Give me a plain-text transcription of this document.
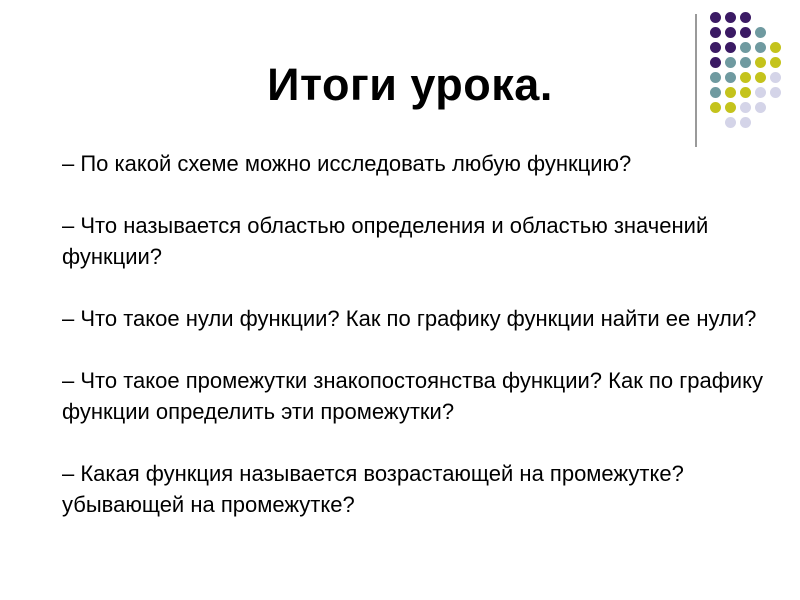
Итоги урока.
– По какой схеме можно исследовать любую функцию?
– Что называется областью определения и областью значений функции?
– Что такое нули функции? Как по графику функции найти ее нули?
– Что такое промежутки знакопостоянства функции? Как по графику функции определить эти промежутки?
– Какая функция называется возрастающей на промежутке? убывающей на промежутке?
